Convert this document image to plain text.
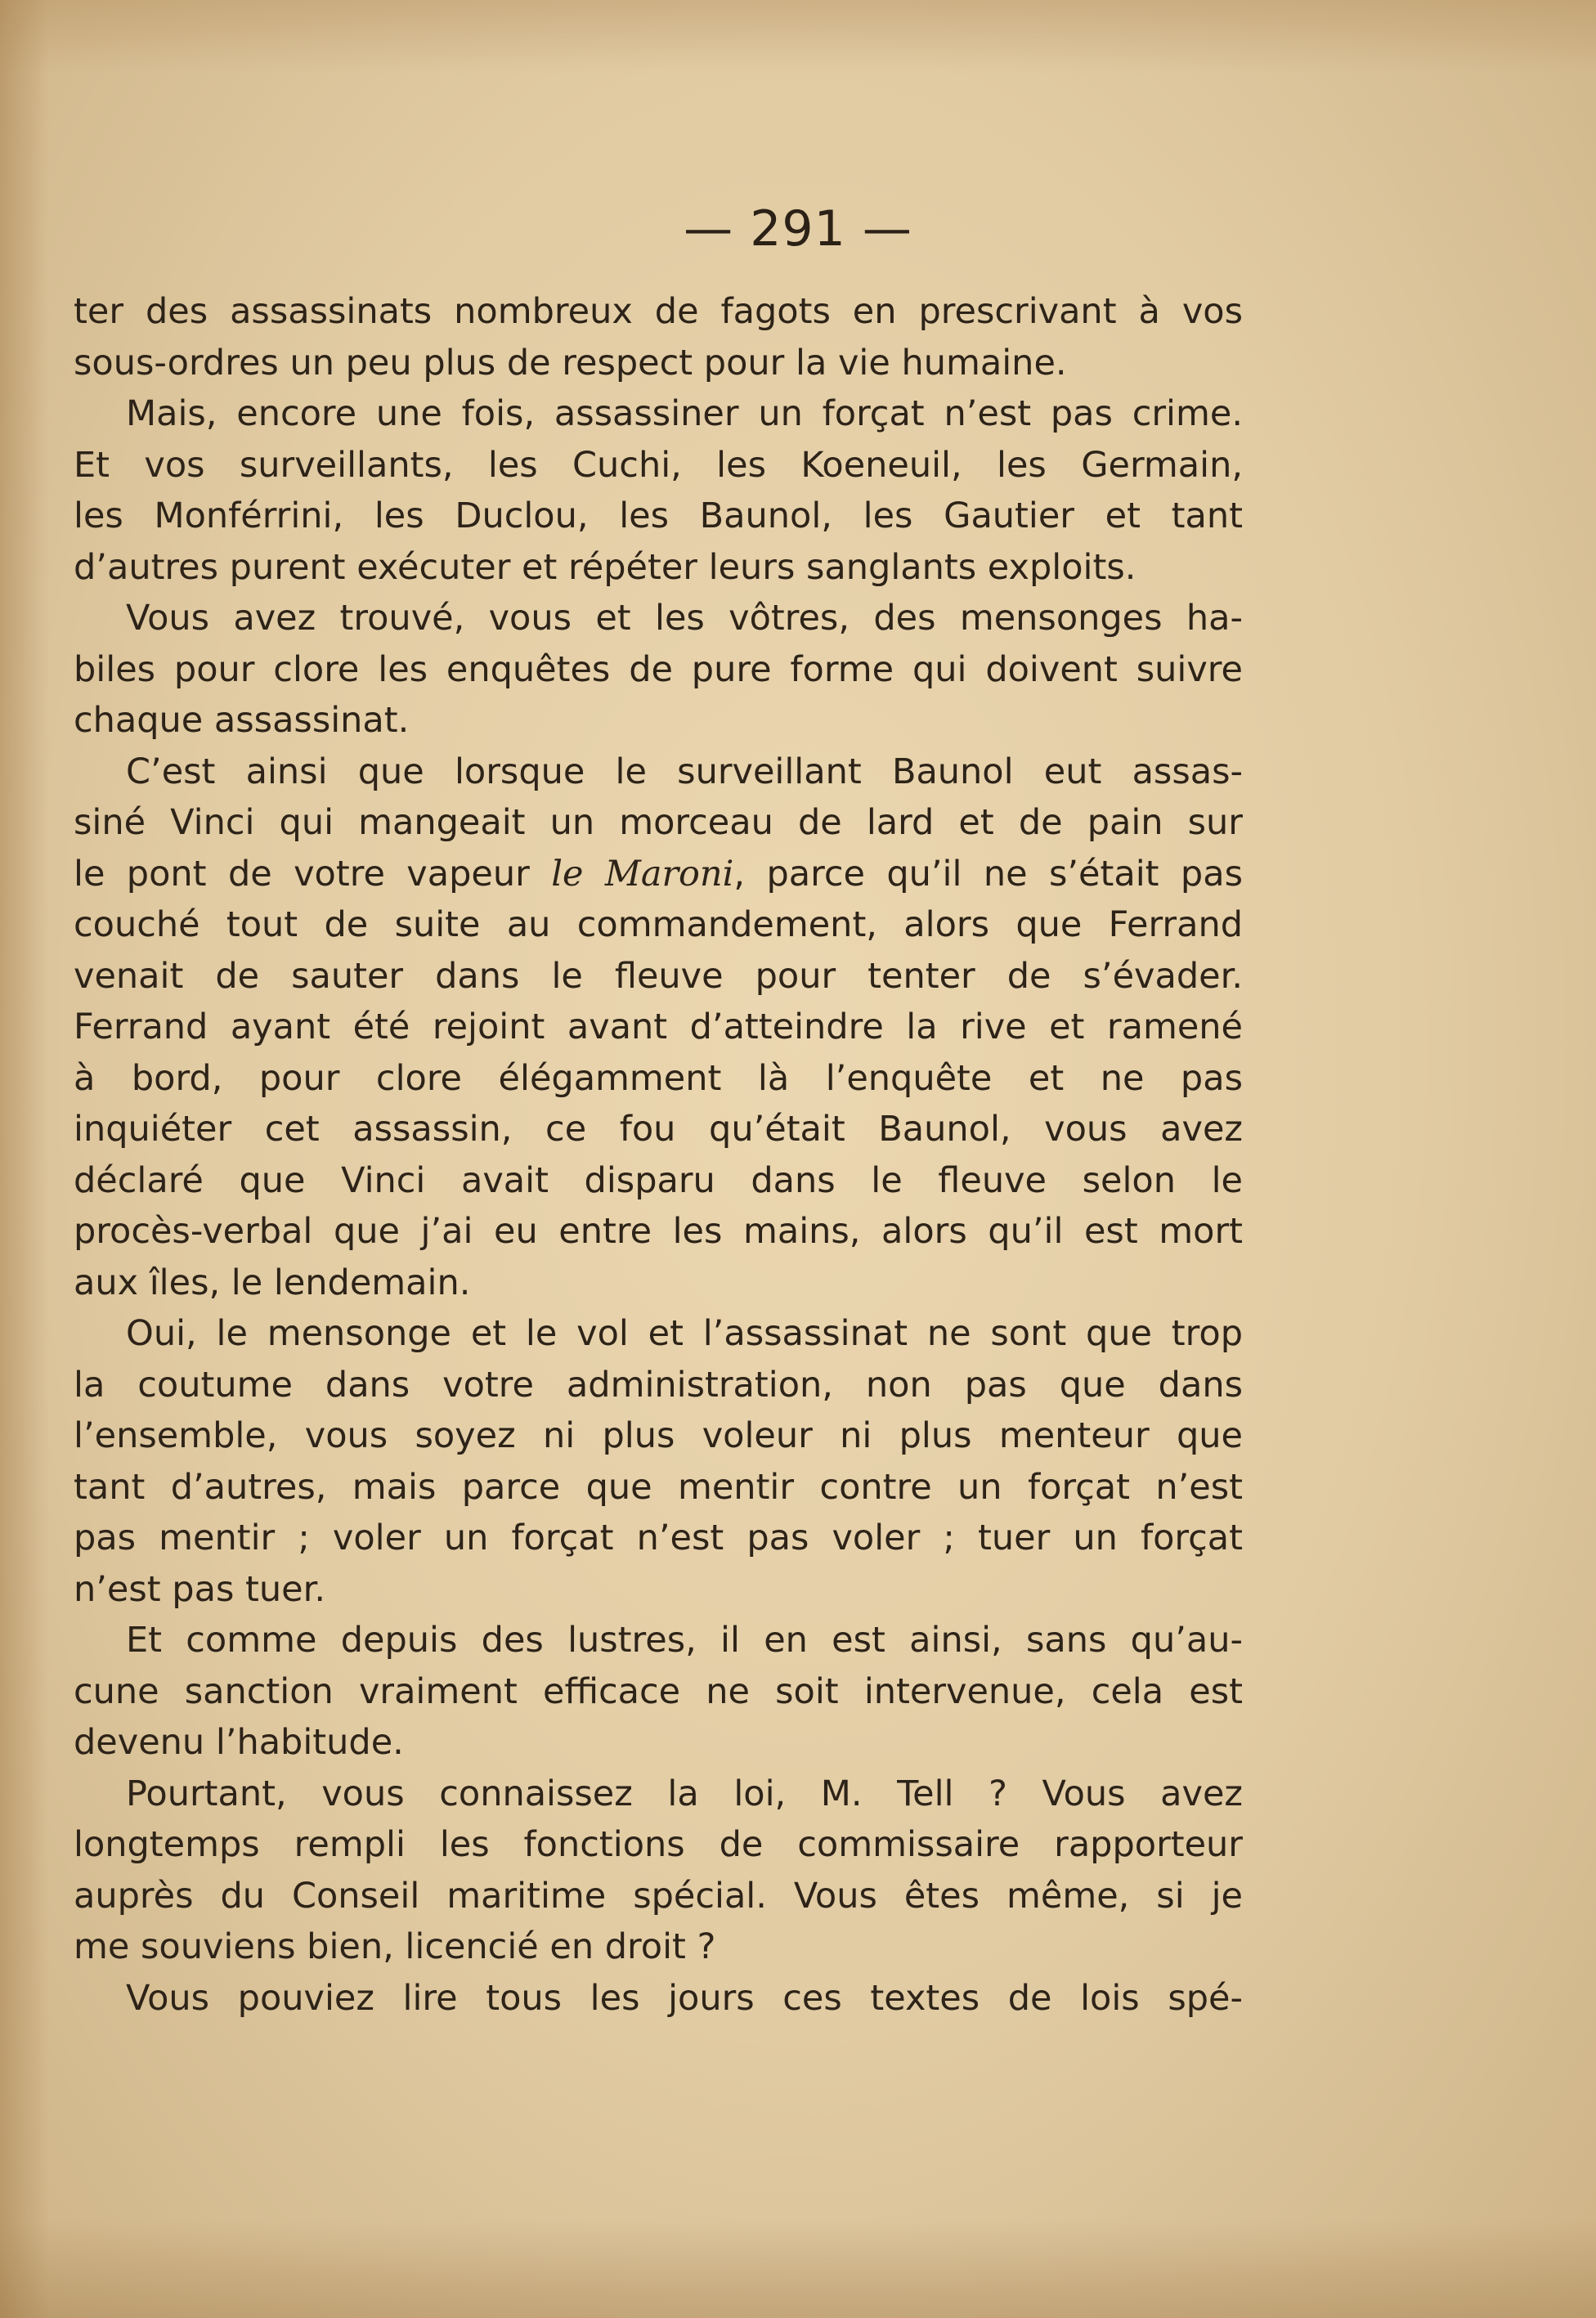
— 291 —
ter des assassinats nombreux de fagots en prescrivant à vos
sous-ordres un peu plus de respect pour la vie humaine.
Mais, encore une fois, assassiner un forçat n’est pas crime.
Et vos surveillants, les Cuchi, les Koeneuil, les Germain,
les Monférrini, les Duclou, les Baunol, les Gautier et tant
d’autres purent exécuter et répéter leurs sanglants exploits.
Vous avez trouvé, vous et les vôtres, des mensonges ha-
biles pour clore les enquêtes de pure forme qui doivent suivre
chaque assassinat.
C’est ainsi que lorsque le surveillant Baunol eut assas-
siné Vinci qui mangeait un morceau de lard et de pain sur
le pont de votre vapeur le Maroni, parce qu’il ne s’était pas
couché tout de suite au commandement, alors que Ferrand
venait de sauter dans le fleuve pour tenter de s’évader.
Ferrand ayant été rejoint avant d’atteindre la rive et ramené
à bord, pour clore élégamment là l’enquête et ne pas
inquiéter cet assassin, ce fou qu’était Baunol, vous avez
déclaré que Vinci avait disparu dans le fleuve selon le
procès-verbal que j’ai eu entre les mains, alors qu’il est mort
aux îles, le lendemain.
Oui, le mensonge et le vol et l’assassinat ne sont que trop
la coutume dans votre administration, non pas que dans
l’ensemble, vous soyez ni plus voleur ni plus menteur que
tant d’autres, mais parce que mentir contre un forçat n’est
pas mentir ; voler un forçat n’est pas voler ; tuer un forçat
n’est pas tuer.
Et comme depuis des lustres, il en est ainsi, sans qu’au-
cune sanction vraiment efficace ne soit intervenue, cela est
devenu l’habitude.
Pourtant, vous connaissez la loi, M. Tell ? Vous avez
longtemps rempli les fonctions de commissaire rapporteur
auprès du Conseil maritime spécial. Vous êtes même, si je
me souviens bien, licencié en droit ?
Vous pouviez lire tous les jours ces textes de lois spé-
